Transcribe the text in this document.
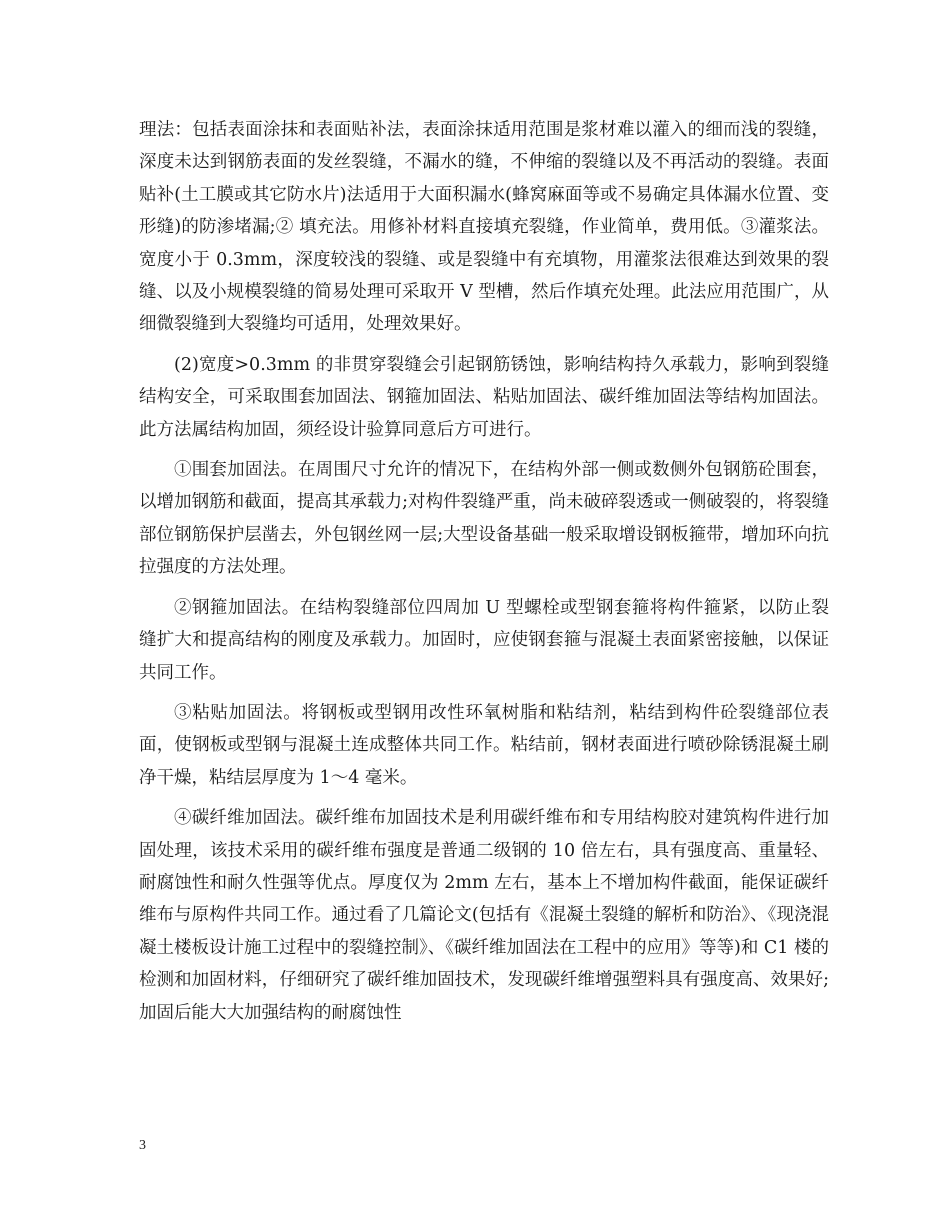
理法：包括表面涂抹和表面贴补法，表面涂抹适用范围是浆材难以灌入的细而浅的裂缝，深度未达到钢筋表面的发丝裂缝，不漏水的缝，不伸缩的裂缝以及不再活动的裂缝。表面贴补(土工膜或其它防水片)法适用于大面积漏水(蜂窝麻面等或不易确定具体漏水位置、变形缝)的防渗堵漏;② 填充法。用修补材料直接填充裂缝，作业简单，费用低。③灌浆法。宽度小于 0.3mm，深度较浅的裂缝、或是裂缝中有充填物，用灌浆法很难达到效果的裂缝、以及小规模裂缝的简易处理可采取开 V 型槽，然后作填充处理。此法应用范围广，从细微裂缝到大裂缝均可适用，处理效果好。

(2)宽度>0.3mm 的非贯穿裂缝会引起钢筋锈蚀，影响结构持久承载力，影响到裂缝结构安全，可采取围套加固法、钢箍加固法、粘贴加固法、碳纤维加固法等结构加固法。此方法属结构加固，须经设计验算同意后方可进行。

①围套加固法。在周围尺寸允许的情况下，在结构外部一侧或数侧外包钢筋砼围套，以增加钢筋和截面，提高其承载力;对构件裂缝严重，尚未破碎裂透或一侧破裂的，将裂缝部位钢筋保护层凿去，外包钢丝网一层;大型设备基础一般采取增设钢板箍带，增加环向抗拉强度的方法处理。

②钢箍加固法。在结构裂缝部位四周加 U 型螺栓或型钢套箍将构件箍紧，以防止裂缝扩大和提高结构的刚度及承载力。加固时，应使钢套箍与混凝土表面紧密接触，以保证共同工作。

③粘贴加固法。将钢板或型钢用改性环氧树脂和粘结剂，粘结到构件砼裂缝部位表面，使钢板或型钢与混凝土连成整体共同工作。粘结前，钢材表面进行喷砂除锈混凝土刷净干燥，粘结层厚度为 1～4 毫米。

④碳纤维加固法。碳纤维布加固技术是利用碳纤维布和专用结构胶对建筑构件进行加固处理，该技术采用的碳纤维布强度是普通二级钢的 10 倍左右，具有强度高、重量轻、耐腐蚀性和耐久性强等优点。厚度仅为 2mm 左右，基本上不增加构件截面，能保证碳纤维布与原构件共同工作。通过看了几篇论文(包括有《混凝土裂缝的解析和防治》、《现浇混凝土楼板设计施工过程中的裂缝控制》、《碳纤维加固法在工程中的应用》等等)和 C1 楼的检测和加固材料，仔细研究了碳纤维加固技术，发现碳纤维增强塑料具有强度高、效果好;加固后能大大加强结构的耐腐蚀性

3
